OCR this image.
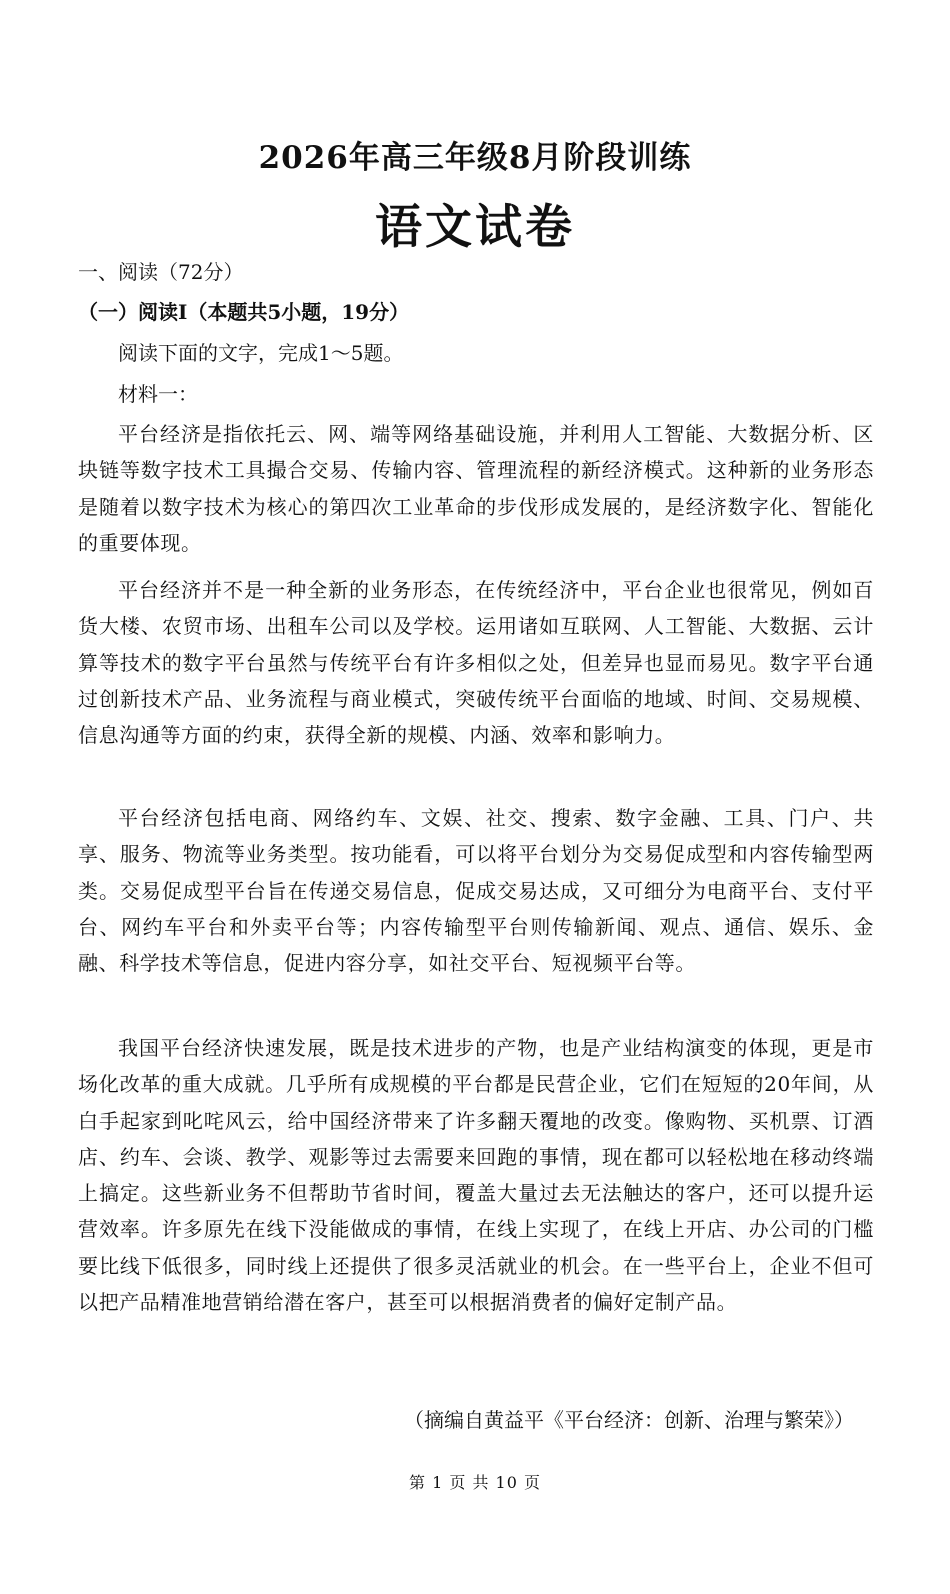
2026年高三年级8月阶段训练
语文试卷
一、阅读（72分）
（一）阅读I（本题共5小题，19分）
阅读下面的文字，完成1～5题。
材料一：

平台经济是指依托云、网、端等网络基础设施，并利用人工智能、大数据分析、区块链等数字技术工具撮合交易、传输内容、管理流程的新经济模式。这种新的业务形态是随着以数字技术为核心的第四次工业革命的步伐形成发展的，是经济数字化、智能化的重要体现。

平台经济并不是一种全新的业务形态，在传统经济中，平台企业也很常见，例如百货大楼、农贸市场、出租车公司以及学校。运用诸如互联网、人工智能、大数据、云计算等技术的数字平台虽然与传统平台有许多相似之处，但差异也显而易见。数字平台通过创新技术产品、业务流程与商业模式，突破传统平台面临的地域、时间、交易规模、信息沟通等方面的约束，获得全新的规模、内涵、效率和影响力。

平台经济包括电商、网络约车、文娱、社交、搜索、数字金融、工具、门户、共享、服务、物流等业务类型。按功能看，可以将平台划分为交易促成型和内容传输型两类。交易促成型平台旨在传递交易信息，促成交易达成，又可细分为电商平台、支付平台、网约车平台和外卖平台等；内容传输型平台则传输新闻、观点、通信、娱乐、金融、科学技术等信息，促进内容分享，如社交平台、短视频平台等。

我国平台经济快速发展，既是技术进步的产物，也是产业结构演变的体现，更是市场化改革的重大成就。几乎所有成规模的平台都是民营企业，它们在短短的20年间，从白手起家到叱咤风云，给中国经济带来了许多翻天覆地的改变。像购物、买机票、订酒店、约车、会谈、教学、观影等过去需要来回跑的事情，现在都可以轻松地在移动终端上搞定。这些新业务不但帮助节省时间，覆盖大量过去无法触达的客户，还可以提升运营效率。许多原先在线下没能做成的事情，在线上实现了，在线上开店、办公司的门槛要比线下低很多，同时线上还提供了很多灵活就业的机会。在一些平台上，企业不但可以把产品精准地营销给潜在客户，甚至可以根据消费者的偏好定制产品。

（摘编自黄益平《平台经济：创新、治理与繁荣》）
第 1 页 共 10 页
